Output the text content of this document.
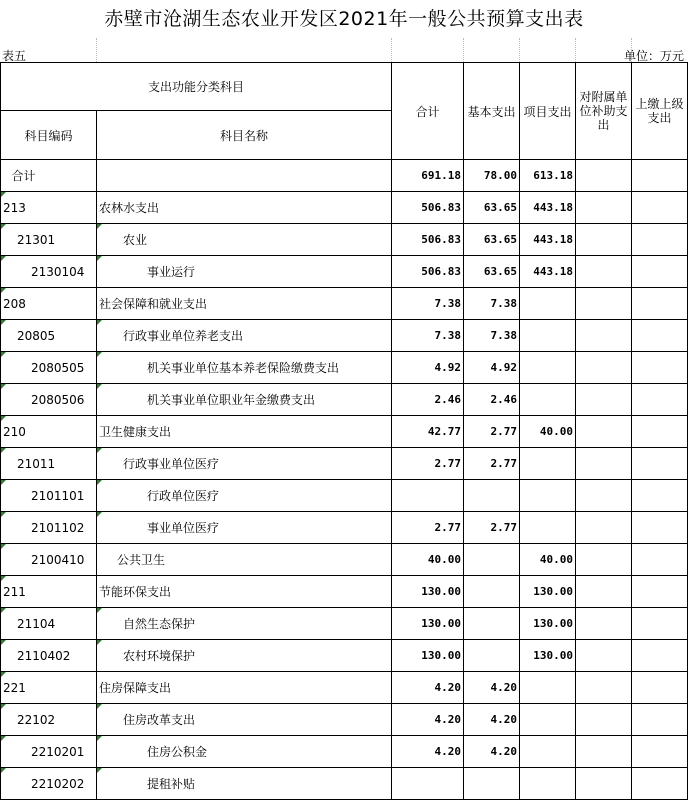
赤壁市沧湖生态农业开发区2021年一般公共预算支出表
表五	单位：万元
支出功能分类科目		合计	基本支出	项目支出	对附属单位补助支出	上缴上级支出
科目编码	科目名称					
合计		691.18	78.00	613.18		
213	农林水支出	506.83	63.65	443.18		
21301	农业	506.83	63.65	443.18		
2130104	事业运行	506.83	63.65	443.18		
208	社会保障和就业支出	7.38	7.38			
20805	行政事业单位养老支出	7.38	7.38			
2080505	机关事业单位基本养老保险缴费支出	4.92	4.92			
2080506	机关事业单位职业年金缴费支出	2.46	2.46			
210	卫生健康支出	42.77	2.77	40.00		
21011	行政事业单位医疗	2.77	2.77			
2101101	行政单位医疗

2101102	事业单位医疗	2.77	2.77			
2100410	公共卫生	40.00		40.00		
211	节能环保支出	130.00		130.00		
21104	自然生态保护	130.00		130.00		
2110402	农村环境保护	130.00		130.00		
221	住房保障支出	4.20	4.20			
22102	住房改革支出	4.20	4.20			
2210201	住房公积金	4.20	4.20			
2210202	提租补贴
